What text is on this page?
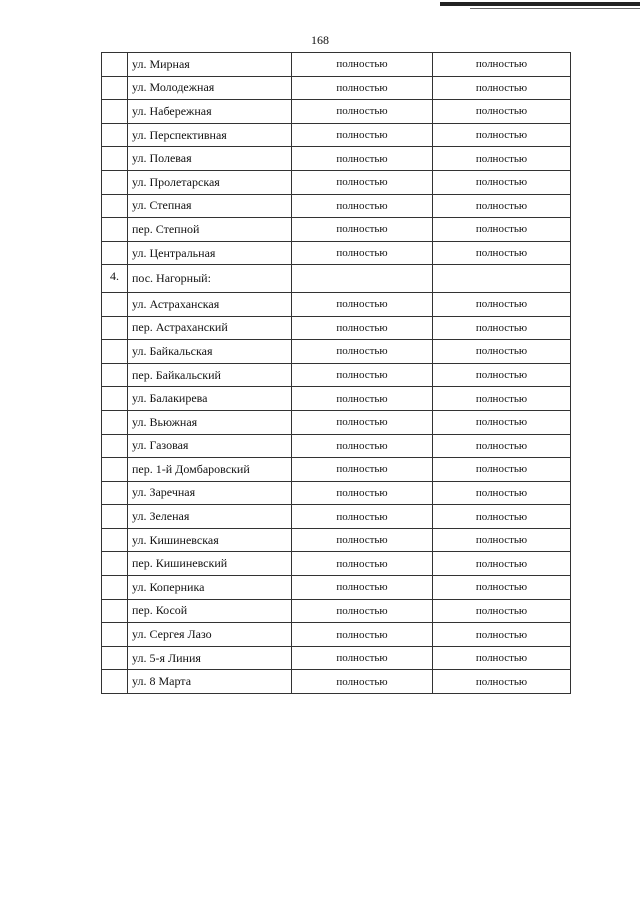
168
	ул. Мирная	полностью	полностью
	ул. Молодежная	полностью	полностью
	ул. Набережная	полностью	полностью
	ул. Перспективная	полностью	полностью
	ул. Полевая	полностью	полностью
	ул. Пролетарская	полностью	полностью
	ул. Степная	полностью	полностью
	пер. Степной	полностью	полностью
	ул. Центральная	полностью	полностью
4.	пос. Нагорный:		
	ул. Астраханская	полностью	полностью
	пер. Астраханский	полностью	полностью
	ул. Байкальская	полностью	полностью
	пер. Байкальский	полностью	полностью
	ул. Балакирева	полностью	полностью
	ул. Вьюжная	полностью	полностью
	ул. Газовая	полностью	полностью
	пер. 1-й Домбаровский	полностью	полностью
	ул. Заречная	полностью	полностью
	ул. Зеленая	полностью	полностью
	ул. Кишиневская	полностью	полностью
	пер. Кишиневский	полностью	полностью
	ул. Коперника	полностью	полностью
	пер. Косой	полностью	полностью
	ул. Сергея Лазо	полностью	полностью
	ул. 5-я Линия	полностью	полностью
	ул. 8 Марта	полностью	полностью
